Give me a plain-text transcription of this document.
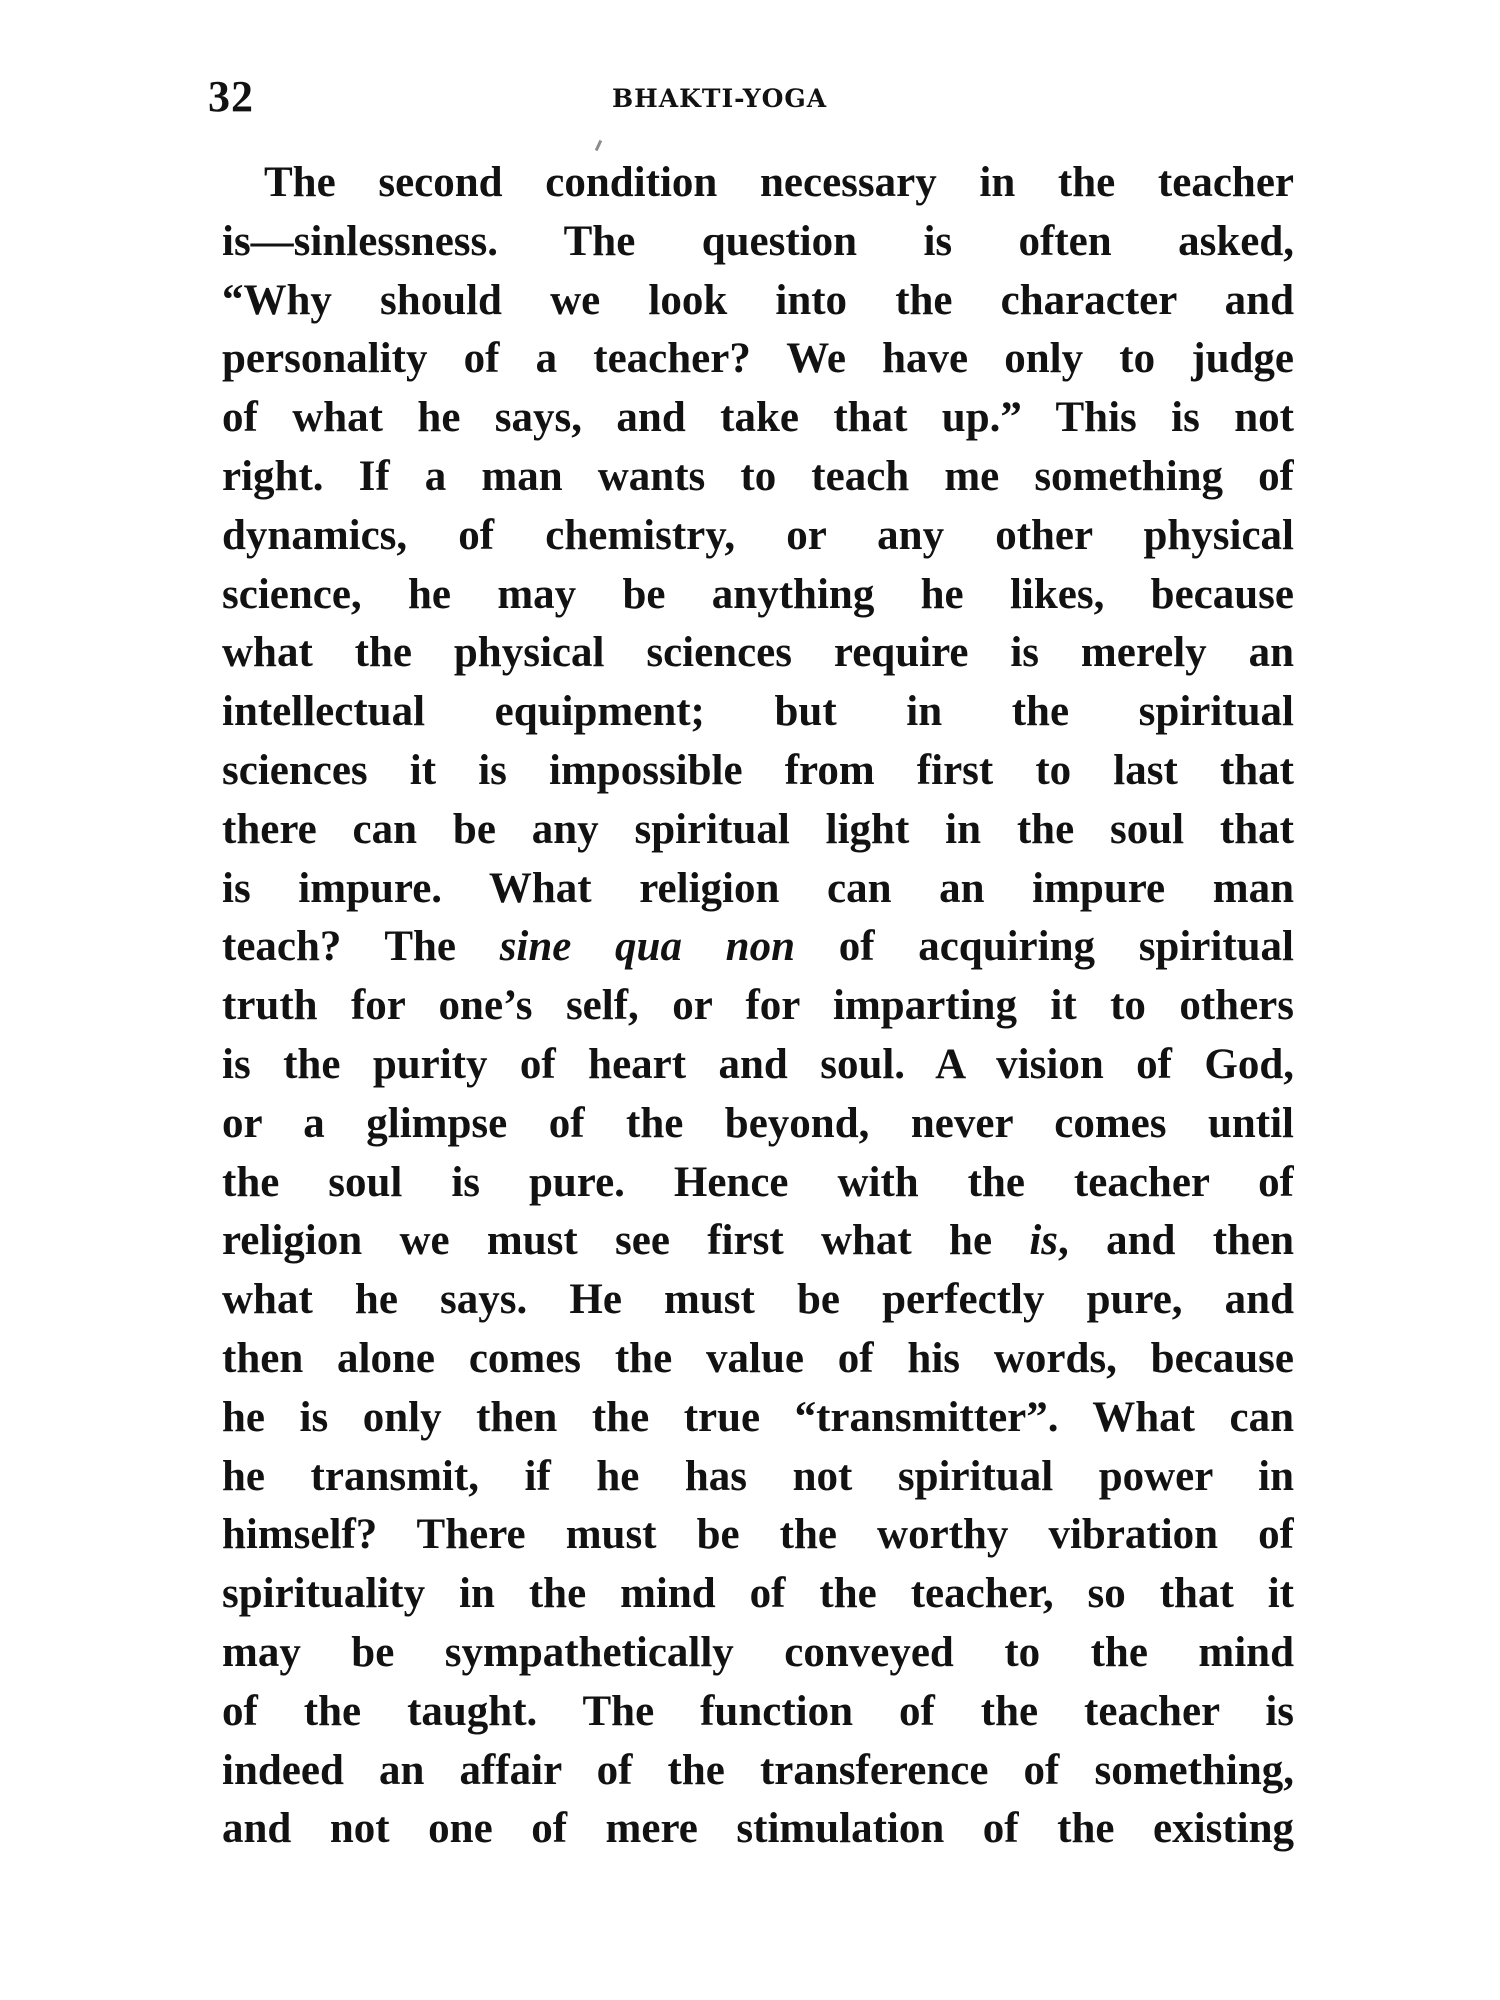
32	BHAKTI-YOGA
The second condition necessary in the teacher
is—sinlessness. The question is often asked,
“Why should we look into the character and
personality of a teacher? We have only to judge
of what he says, and take that up.” This is not
right. If a man wants to teach me something of
dynamics, of chemistry, or any other physical
science, he may be anything he likes, because
what the physical sciences require is merely an
intellectual equipment; but in the spiritual
sciences it is impossible from first to last that
there can be any spiritual light in the soul that
is impure. What religion can an impure man
teach? The sine qua non of acquiring spiritual
truth for one’s self, or for imparting it to others
is the purity of heart and soul. A vision of God,
or a glimpse of the beyond, never comes until
the soul is pure. Hence with the teacher of
religion we must see first what he is, and then
what he says. He must be perfectly pure, and
then alone comes the value of his words, because
he is only then the true “transmitter”. What can
he transmit, if he has not spiritual power in
himself? There must be the worthy vibration of
spirituality in the mind of the teacher, so that it
may be sympathetically conveyed to the mind
of the taught. The function of the teacher is
indeed an affair of the transference of something,
and not one of mere stimulation of the existing
